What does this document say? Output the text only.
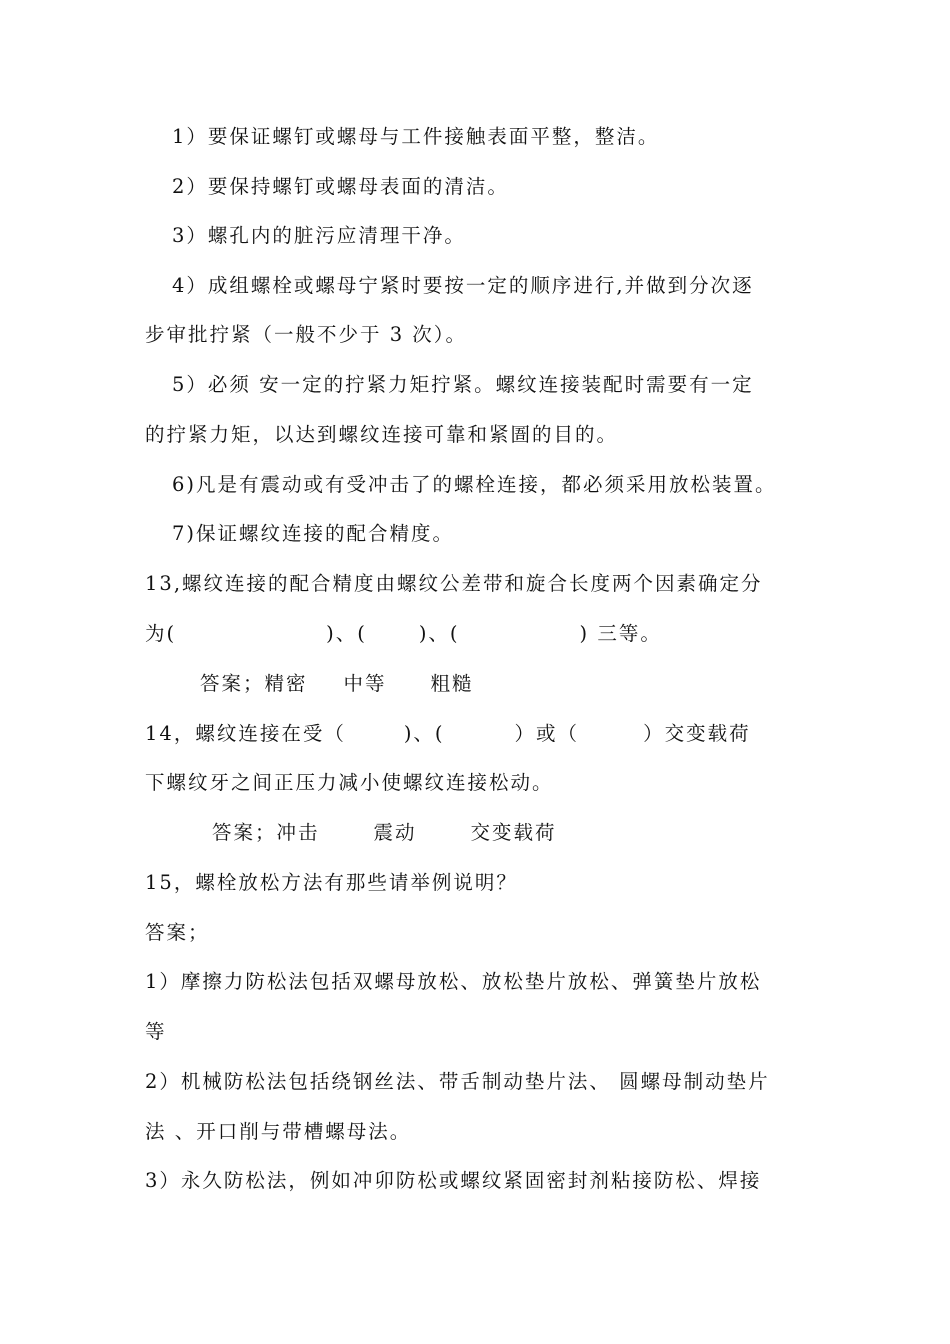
1）要保证螺钉或螺母与工件接触表面平整，整洁。
2）要保持螺钉或螺母表面的清洁。
3）螺孔内的脏污应清理干净。
4）成组螺栓或螺母宁紧时要按一定的顺序进行,并做到分次逐
步审批拧紧（一般不少于 3 次）。
5）必须 安一定的拧紧力矩拧紧。螺纹连接装配时需要有一定
的拧紧力矩，以达到螺纹连接可靠和紧圄的目的。
6)凡是有震动或有受冲击了的螺栓连接，都必须采用放松装置。
7)保证螺纹连接的配合精度。
13,螺纹连接的配合精度由螺纹公差带和旋合长度两个因素确定分
为(	)、(	)、(	) 三等。
答案；精密 中等 粗糙
14，螺纹连接在受（	)、(	）或（	）交变载荷
下螺纹牙之间正压力减小使螺纹连接松动。
答案；冲击	震动	交变载荷
15，螺栓放松方法有那些请举例说明？
答案；
1）摩擦力防松法包括双螺母放松、放松垫片放松、弹簧垫片放松
等
2）机械防松法包括绕钢丝法、带舌制动垫片法、 圆螺母制动垫片
法 、开口削与带槽螺母法。
3）永久防松法，例如冲卯防松或螺纹紧固密封剂粘接防松、焊接
